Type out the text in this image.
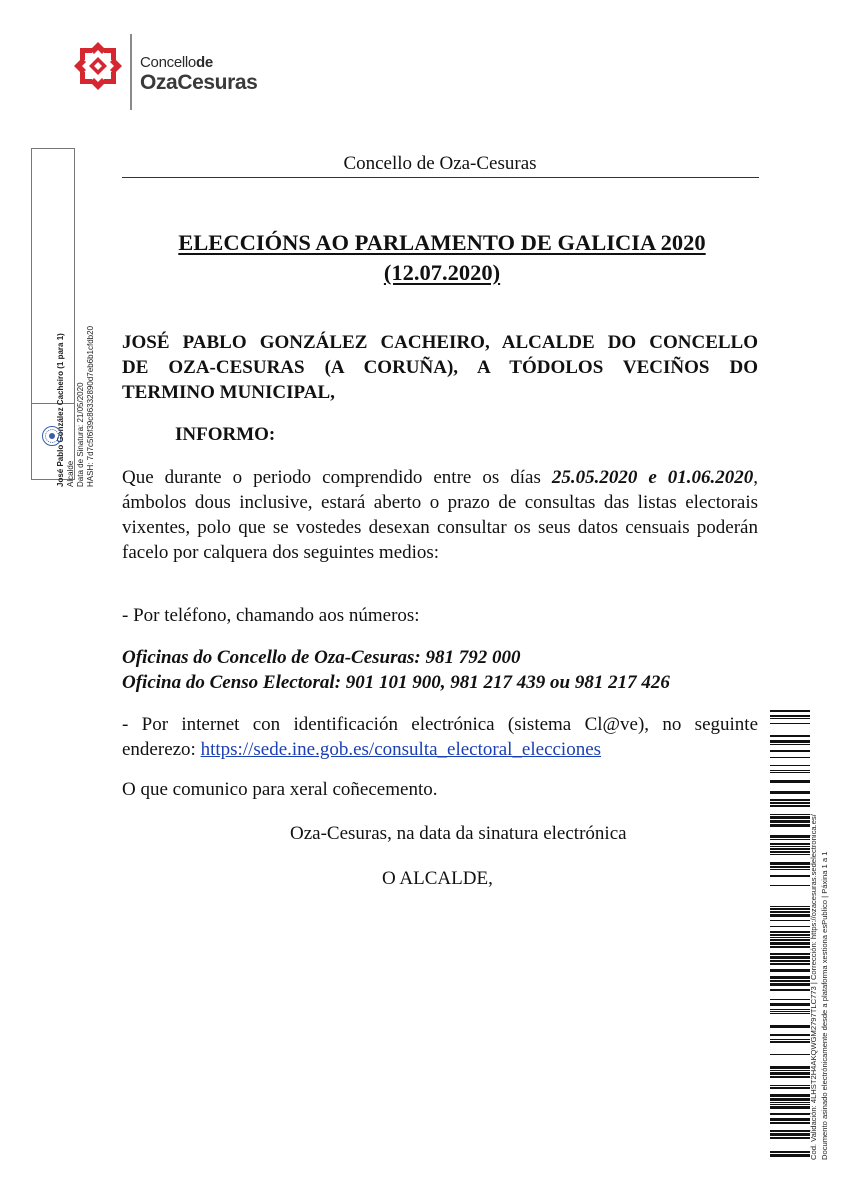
Concellode
OzaCesuras
José Pablo González Cacheiro (1 para 1) Alcalde Data de Sinatura: 21/05/2020 HASH: 7d7c5f6f39c86332890d7eb6b1cfdb20
Concello de Oza-Cesuras
ELECCIÓNS AO PARLAMENTO DE GALICIA 2020
(12.07.2020)
JOSÉ PABLO GONZÁLEZ CACHEIRO, ALCALDE DO CONCELLO
DE OZA-CESURAS (A CORUÑA), A TÓDOLOS VECIÑOS DO
TERMINO MUNICIPAL,
INFORMO:
Que durante o periodo comprendido entre os días 25.05.2020 e 01.06.2020,
ámbolos dous inclusive, estará aberto o prazo de consultas das listas electorais
vixentes, polo que se vostedes desexan consultar os seus datos censuais poderán
facelo por calquera dos seguintes medios:
- Por teléfono, chamando aos números:
Oficinas do Concello de Oza-Cesuras: 981 792 000
Oficina do Censo Electoral: 901 101 900, 981 217 439 ou 981 217 426
- Por internet con identificación electrónica (sistema Cl@ve), no seguinte
enderezo: https://sede.ine.gob.es/consulta_electoral_elecciones
O que comunico para xeral coñecemento.
Oza-Cesuras, na data da sinatura electrónica
O ALCALDE,	Cod. Validación: 4LHST2H4AKQWGM2797TLC773 | Corrección: https://ozacesuras.sedelectronica.es/ Documento asinado electrónicamente desde a plataforma xestiona esPublico | Páxina 1 a 1
